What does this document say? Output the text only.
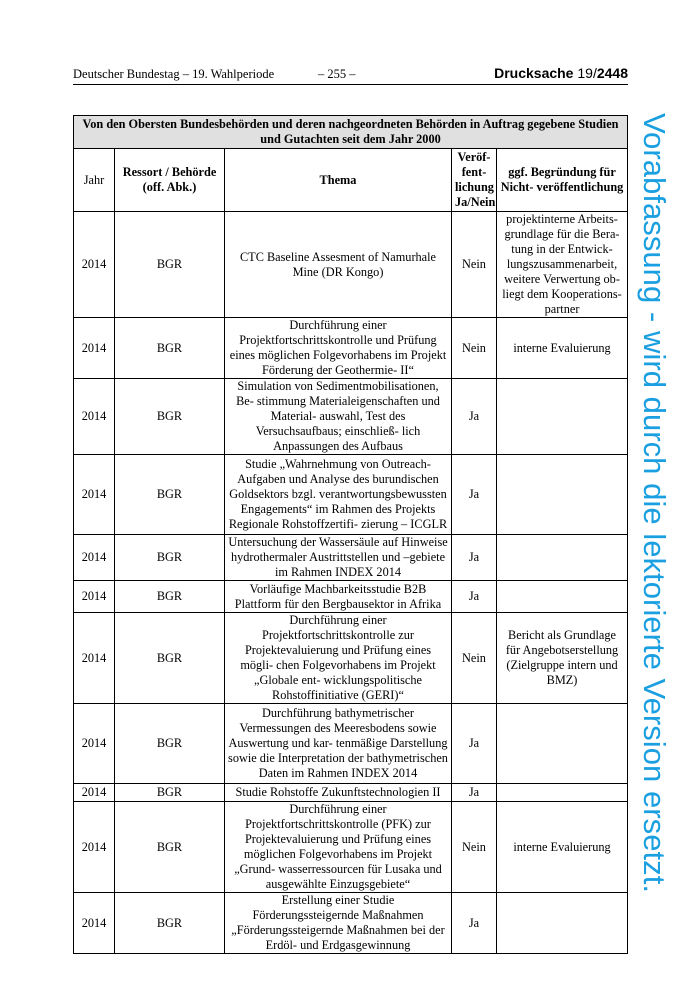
Deutscher Bundestag – 19. Wahlperiode	– 255 –	Drucksache 19/2448
Von den Obersten Bundesbehörden und deren nachgeordneten Behörden in Auftrag gegebene Studien und Gutachten seit dem Jahr 2000				
Jahr	Ressort / Behörde (off. Abk.)	Thema	Veröf- fent- lichung Ja/Nein	ggf. Begründung für Nicht- veröffentlichung
2014	BGR	CTC Baseline Assesment of Namurhale Mine (DR Kongo)	Nein	projektinterne Arbeits- grundlage für die Bera- tung in der Entwick- lungszusammenarbeit, weitere Verwertung ob- liegt dem Kooperations- partner
2014	BGR	Durchführung einer Projektfortschrittskontrolle und Prüfung eines möglichen Folgevorhabens im Projekt Förderung der Geothermie- II“	Nein	interne Evaluierung
2014	BGR	Simulation von Sedimentmobilisationen, Be- stimmung Materialeigenschaften und Material- auswahl, Test des Versuchsaufbaus; einschließ- lich Anpassungen des Aufbaus	Ja	
2014	BGR	Studie „Wahrnehmung von Outreach-Aufgaben und Analyse des burundischen Goldsektors bzgl. verantwortungsbewussten Engagements“ im Rahmen des Projekts Regionale Rohstoffzertifi- zierung – ICGLR	Ja	
2014	BGR	Untersuchung der Wassersäule auf Hinweise hydrothermaler Austrittstellen und –gebiete im Rahmen INDEX 2014	Ja	
2014	BGR	Vorläufige Machbarkeitsstudie B2B Plattform für den Bergbausektor in Afrika	Ja	
2014	BGR	Durchführung einer Projektfortschrittskontrolle zur Projektevaluierung und Prüfung eines mögli- chen Folgevorhabens im Projekt „Globale ent- wicklungspolitische Rohstoffinitiative (GERI)“	Nein	Bericht als Grundlage für Angebotserstellung (Zielgruppe intern und BMZ)
2014	BGR	Durchführung bathymetrischer Vermessungen des Meeresbodens sowie Auswertung und kar- tenmäßige Darstellung sowie die Interpretation der bathymetrischen Daten im Rahmen INDEX 2014	Ja	
2014	BGR	Studie Rohstoffe Zukunftstechnologien II	Ja	
2014	BGR	Durchführung einer Projektfortschrittskontrolle (PFK) zur Projektevaluierung und Prüfung eines möglichen Folgevorhabens im Projekt „Grund- wasserressourcen für Lusaka und ausgewählte Einzugsgebiete“	Nein	interne Evaluierung
2014	BGR	Erstellung einer Studie Förderungssteigernde Maßnahmen „Förderungssteigernde Maßnahmen bei der Erdöl- und Erdgasgewinnung	Ja	
Vorabfassung - wird durch die lektorierte Version ersetzt.
